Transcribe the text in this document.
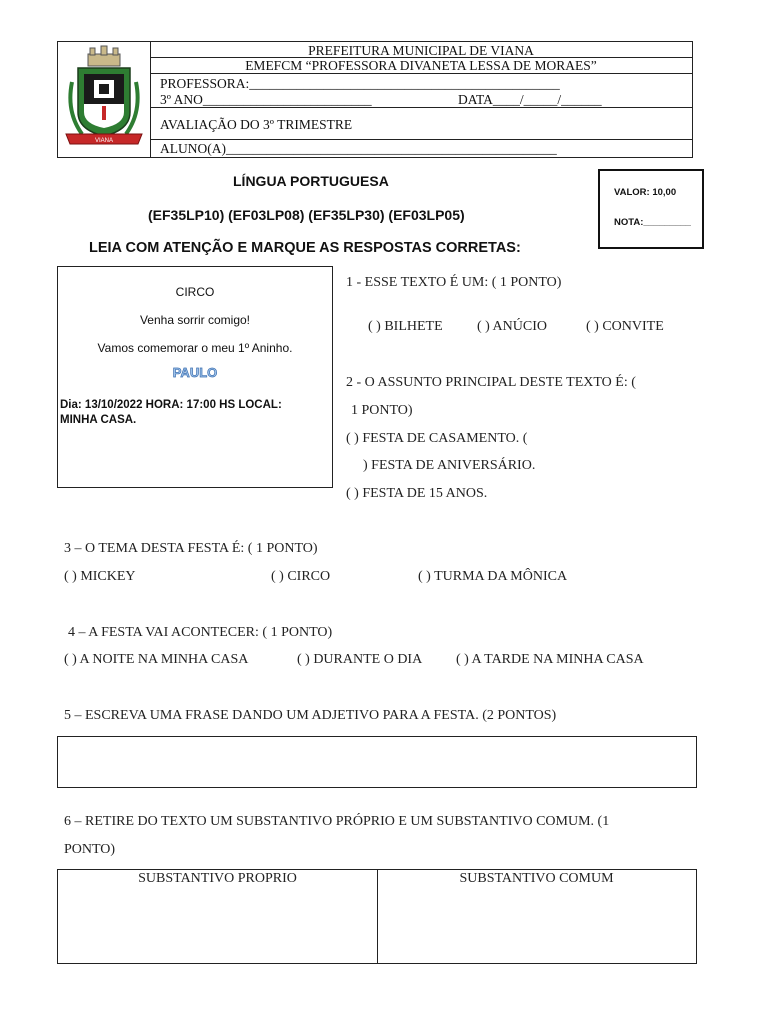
VIANA
PREFEITURA MUNICIPAL DE VIANA
EMEFCM “PROFESSORA DIVANETA LESSA DE MORAES”
PROFESSORA:______________________________________________
3º ANO_________________________	DATA____/_____/______
AVALIAÇÃO DO 3º TRIMESTRE
ALUNO(A)_________________________________________________
LÍNGUA PORTUGUESA
(EF35LP10) (EF03LP08) (EF35LP30) (EF03LP05)
LEIA COM ATENÇÃO E MARQUE AS RESPOSTAS CORRETAS:
VALOR: 10,00
NOTA:_________
CIRCO
Venha sorrir comigo!
Vamos comemorar o meu 1º Aninho.
PAULO
Dia: 13/10/2022 HORA: 17:00 HS LOCAL: MINHA CASA.
1 - ESSE TEXTO É UM: ( 1 PONTO)
( ) BILHETE ( ) ANÚCIO	( ) CONVITE
2 - O ASSUNTO PRINCIPAL DESTE TEXTO É: (
1 PONTO)
( ) FESTA DE CASAMENTO. (
) FESTA DE ANIVERSÁRIO.
( ) FESTA DE 15 ANOS.
3 – O TEMA DESTA FESTA É: ( 1 PONTO)
( ) MICKEY	( ) CIRCO	( ) TURMA DA MÔNICA
4 – A FESTA VAI ACONTECER: ( 1 PONTO)
( ) A NOITE NA MINHA CASA	( ) DURANTE O DIA ( ) A TARDE NA MINHA CASA
5 – ESCREVA UMA FRASE DANDO UM ADJETIVO PARA A FESTA. (2 PONTOS)
6 – RETIRE DO TEXTO UM SUBSTANTIVO PRÓPRIO E UM SUBSTANTIVO COMUM. (1
PONTO)
SUBSTANTIVO PROPRIO	SUBSTANTIVO COMUM
